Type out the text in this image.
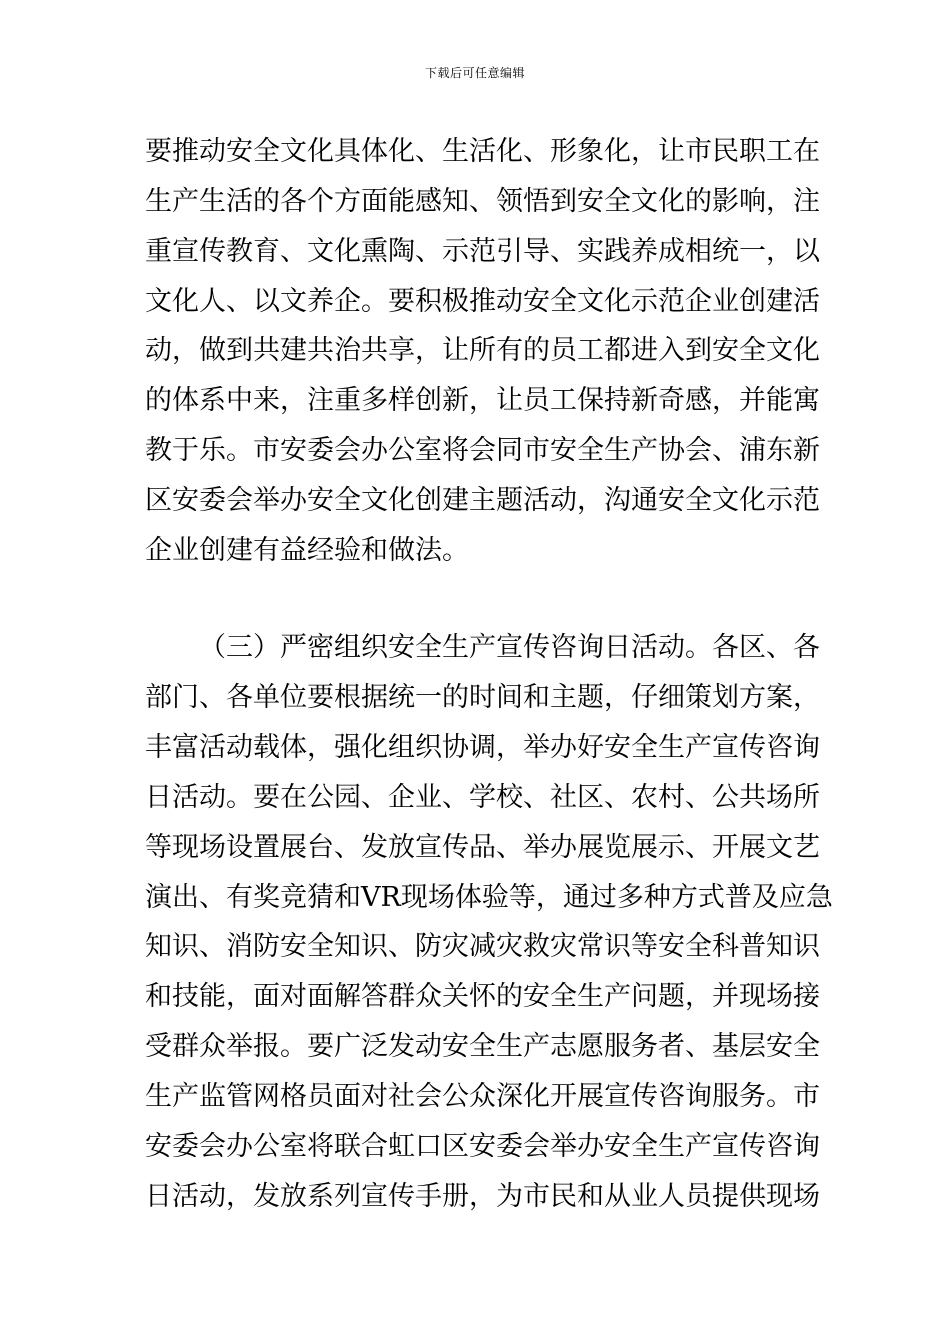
下载后可任意编辑
要推动安全文化具体化、生活化、形象化，让市民职工在
生产生活的各个方面能感知、领悟到安全文化的影响，注
重宣传教育、文化熏陶、示范引导、实践养成相统一，以
文化人、以文养企。要积极推动安全文化示范企业创建活
动，做到共建共治共享，让所有的员工都进入到安全文化
的体系中来，注重多样创新，让员工保持新奇感，并能寓
教于乐。市安委会办公室将会同市安全生产协会、浦东新
区安委会举办安全文化创建主题活动，沟通安全文化示范
企业创建有益经验和做法。
（三）严密组织安全生产宣传咨询日活动。各区、各
部门、各单位要根据统一的时间和主题，仔细策划方案，
丰富活动载体，强化组织协调，举办好安全生产宣传咨询
日活动。要在公园、企业、学校、社区、农村、公共场所
等现场设置展台、发放宣传品、举办展览展示、开展文艺
演出、有奖竞猜和VR现场体验等，通过多种方式普及应急
知识、消防安全知识、防灾减灾救灾常识等安全科普知识
和技能，面对面解答群众关怀的安全生产问题，并现场接
受群众举报。要广泛发动安全生产志愿服务者、基层安全
生产监管网格员面对社会公众深化开展宣传咨询服务。市
安委会办公室将联合虹口区安委会举办安全生产宣传咨询
日活动，发放系列宣传手册，为市民和从业人员提供现场
